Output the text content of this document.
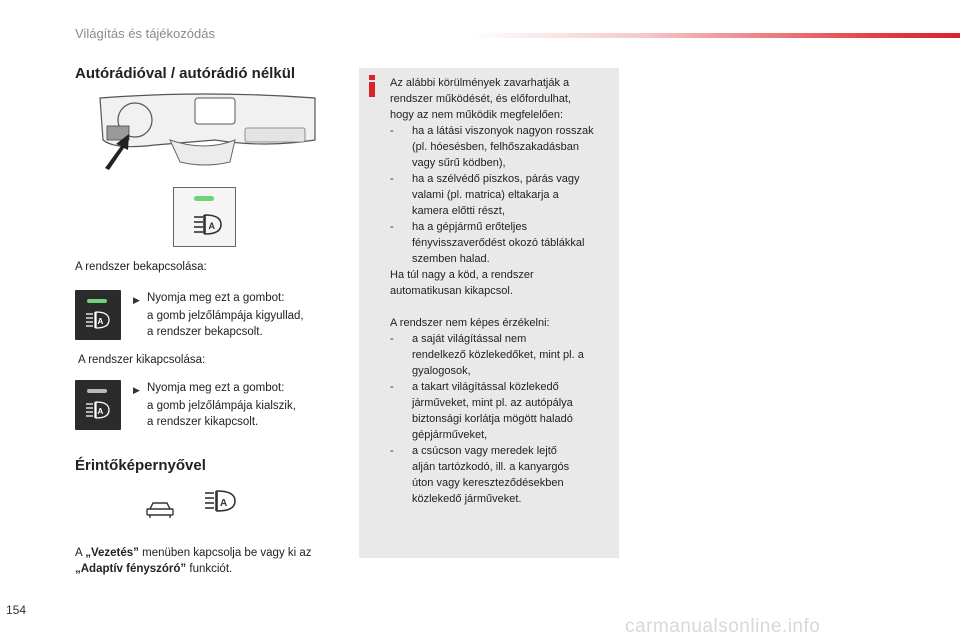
Világítás és tájékozódás
Autórádióval / autórádió nélkül
A
A rendszer bekapcsolása:
A
▶ Nyomja meg ezt a gombot:
a gomb jelzőlámpája kigyullad,
a rendszer bekapcsolt.
A rendszer kikapcsolása:
A
▶ Nyomja meg ezt a gombot:
a gomb jelzőlámpája kialszik,
a rendszer kikapcsolt.
Érintőképernyővel
A
A „Vezetés” menüben kapcsolja be vagy ki az
„Adaptív fényszóró” funkciót.

Az alábbi körülmények zavarhatják a

rendszer működését, és előfordulhat,

hogy az nem működik megfelelően:

-	ha a látási viszonyok nagyon rosszak
(pl. hóesésben, felhőszakadásban
vagy sűrű ködben),
-	ha a szélvédő piszkos, párás vagy
valami (pl. matrica) eltakarja a
kamera előtti részt,
-	ha a gépjármű erőteljes
fényvisszaverődést okozó táblákkal
szemben halad.

Ha túl nagy a köd, a rendszer

automatikusan kikapcsol.

A rendszer nem képes érzékelni:

-	a saját világítással nem
rendelkező közlekedőket, mint pl. a
gyalogosok,
-	a takart világítással közlekedő
járműveket, mint pl. az autópálya
biztonsági korlátja mögött haladó
gépjárműveket,
-	a csúcson vagy meredek lejtő
alján tartózkodó, ill. a kanyargós
úton vagy kereszteződésekben
közlekedő járműveket.
154
carmanualsonline.info
